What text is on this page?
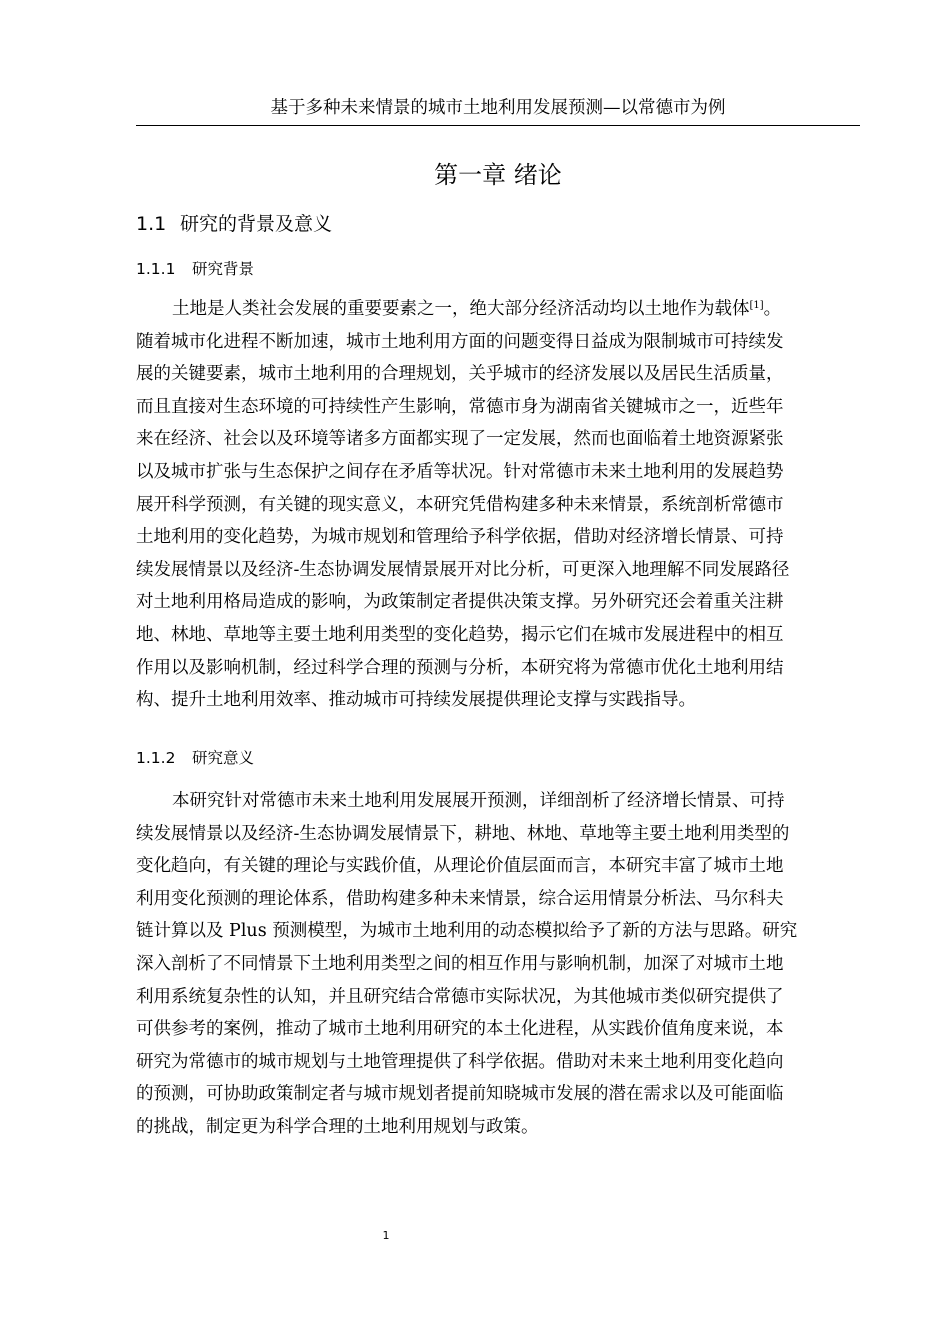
基于多种未来情景的城市土地利用发展预测—以常德市为例
第一章 绪论
1.1 研究的背景及意义
1.1.1 研究背景
土地是人类社会发展的重要要素之一，绝大部分经济活动均以土地作为载体[1]。
随着城市化进程不断加速，城市土地利用方面的问题变得日益成为限制城市可持续发
展的关键要素，城市土地利用的合理规划，关乎城市的经济发展以及居民生活质量，
而且直接对生态环境的可持续性产生影响，常德市身为湖南省关键城市之一，近些年
来在经济、社会以及环境等诸多方面都实现了一定发展，然而也面临着土地资源紧张
以及城市扩张与生态保护之间存在矛盾等状况。针对常德市未来土地利用的发展趋势
展开科学预测，有关键的现实意义，本研究凭借构建多种未来情景，系统剖析常德市
土地利用的变化趋势，为城市规划和管理给予科学依据，借助对经济增长情景、可持
续发展情景以及经济-生态协调发展情景展开对比分析，可更深入地理解不同发展路径
对土地利用格局造成的影响，为政策制定者提供决策支撑。另外研究还会着重关注耕
地、林地、草地等主要土地利用类型的变化趋势，揭示它们在城市发展进程中的相互
作用以及影响机制，经过科学合理的预测与分析，本研究将为常德市优化土地利用结
构、提升土地利用效率、推动城市可持续发展提供理论支撑与实践指导。
1.1.2 研究意义
本研究针对常德市未来土地利用发展展开预测，详细剖析了经济增长情景、可持
续发展情景以及经济-生态协调发展情景下，耕地、林地、草地等主要土地利用类型的
变化趋向，有关键的理论与实践价值，从理论价值层面而言，本研究丰富了城市土地
利用变化预测的理论体系，借助构建多种未来情景，综合运用情景分析法、马尔科夫
链计算以及 Plus 预测模型，为城市土地利用的动态模拟给予了新的方法与思路。研究
深入剖析了不同情景下土地利用类型之间的相互作用与影响机制，加深了对城市土地
利用系统复杂性的认知，并且研究结合常德市实际状况，为其他城市类似研究提供了
可供参考的案例，推动了城市土地利用研究的本土化进程，从实践价值角度来说，本
研究为常德市的城市规划与土地管理提供了科学依据。借助对未来土地利用变化趋向
的预测，可协助政策制定者与城市规划者提前知晓城市发展的潜在需求以及可能面临
的挑战，制定更为科学合理的土地利用规划与政策。
1
